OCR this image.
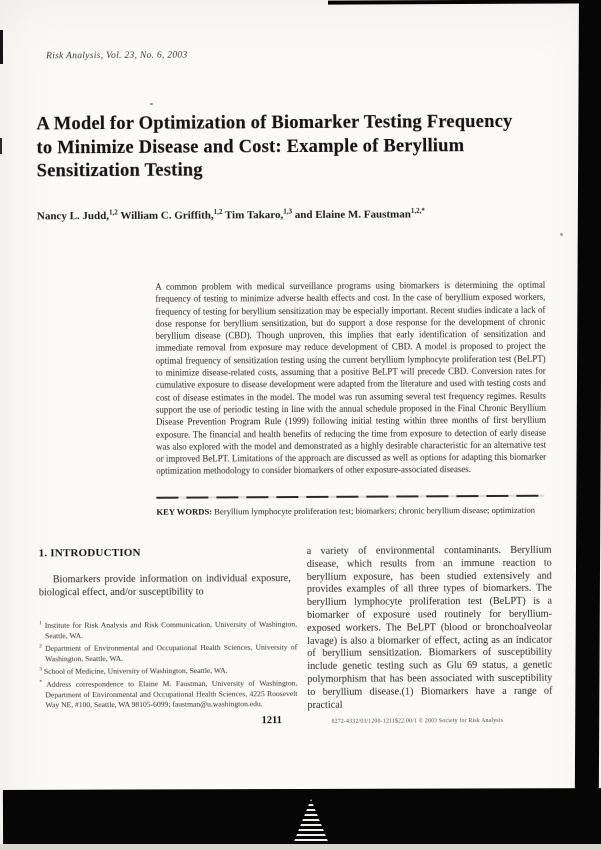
Risk Analysis, Vol. 23, No. 6, 2003
A Model for Optimization of Biomarker Testing Frequency
to Minimize Disease and Cost: Example of Beryllium
Sensitization Testing
Nancy L. Judd,$^{1,2}$ William C. Griffith,$^{1,2}$ Tim Takaro,$^{1,3}$ and Elaine M. Faustman$^{1,2,*}$
A common problem with medical surveillance programs using biomarkers is determining the optimal frequency of testing to minimize adverse health effects and cost. In the case of beryllium exposed workers, frequency of testing for beryllium sensitization may be especially important. Recent studies indicate a lack of dose response for beryllium sensitization, but do support a dose response for the development of chronic beryllium disease (CBD). Though unproven, this implies that early identification of sensitization and immediate removal from exposure may reduce development of CBD. A model is proposed to project the optimal frequency of sensitization testing using the current beryllium lymphocyte proliferation test (BeLPT) to minimize disease-related costs, assuming that a positive BeLPT will precede CBD. Conversion rates for cumulative exposure to disease development were adapted from the literature and used with testing costs and cost of disease estimates in the model. The model was run assuming several test frequency regimes. Results support the use of periodic testing in line with the annual schedule proposed in the Final Chronic Beryllium Disease Prevention Program Rule (1999) following initial testing within three months of first beryllium exposure. The financial and health benefits of reducing the time from exposure to detection of early disease was also explored with the model and demonstrated as a highly desirable characteristic for an alternative test or improved BeLPT. Limitations of the approach are discussed as well as options for adapting this biomarker optimization methodology to consider biomarkers of other exposure-associated diseases.
KEY WORDS: Beryllium lymphocyte proliferation test; biomarkers; chronic beryllium disease; optimization
1. INTRODUCTION
Biomarkers provide information on individual exposure, biological effect, and/or susceptibility to
$^1$ Institute for Risk Analysis and Risk Communication, University of Washington, Seattle, WA.
$^2$ Department of Environmental and Occupational Health Sciences, University of Washington, Seattle, WA.
$^3$ School of Medicine, University of Washington, Seattle, WA.
* Address correspondence to Elaine M. Faustman, University of Washington, Department of Environmental and Occupational Health Sciences, 4225 Roosevelt Way NE, #100, Seattle, WA 98105-6099; faustman@u.washington.edu.
a variety of environmental contaminants. Beryllium disease, which results from an immune reaction to beryllium exposure, has been studied extensively and provides examples of all three types of biomarkers. The beryllium lymphocyte proliferation test (BeLPT) is a biomarker of exposure used routinely for beryllium-exposed workers. The BeLPT (blood or bronchoalveolar lavage) is also a biomarker of effect, acting as an indicator of beryllium sensitization. Biomarkers of susceptibility include genetic testing such as Glu 69 status, a genetic polymorphism that has been associated with susceptibility to beryllium disease.(1) Biomarkers have a range of practical
1211	0272-4332/03/1200-1211$22.00/1 © 2003 Society for Risk Analysis
